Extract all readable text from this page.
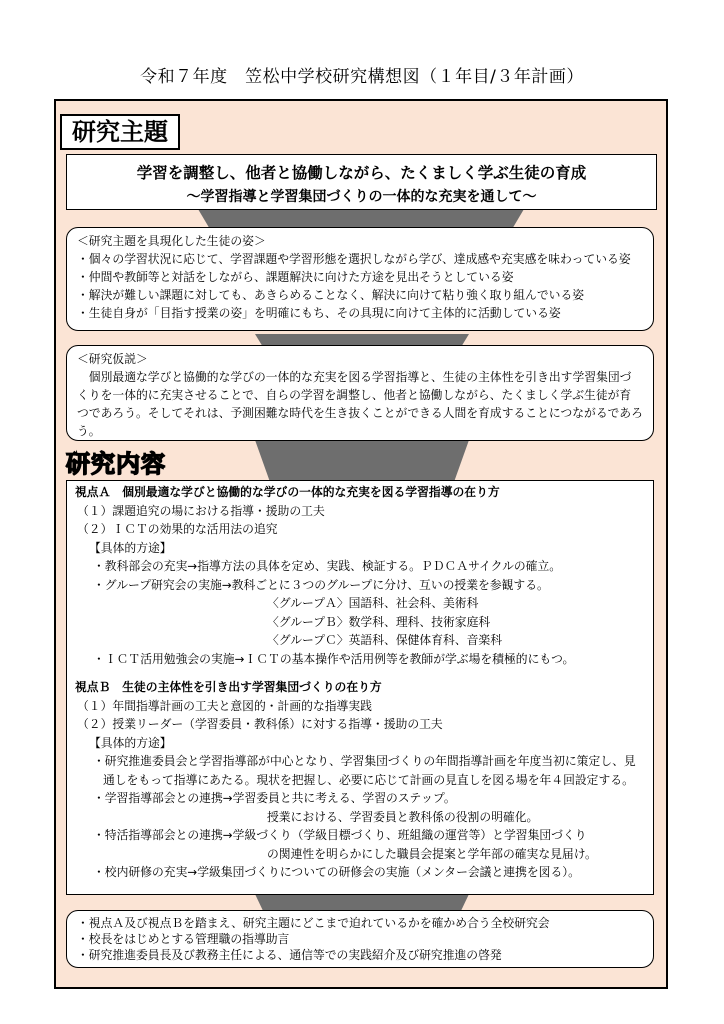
令和７年度　笠松中学校研究構想図（１年目/３年計画）
研究主題
学習を調整し、他者と協働しながら、たくましく学ぶ生徒の育成
～学習指導と学習集団づくりの一体的な充実を通して～
＜研究主題を具現化した生徒の姿＞
・個々の学習状況に応じて、学習課題や学習形態を選択しながら学び、達成感や充実感を味わっている姿
・仲間や教師等と対話をしながら、課題解決に向けた方途を見出そうとしている姿
・解決が難しい課題に対しても、あきらめることなく、解決に向けて粘り強く取り組んでいる姿
・生徒自身が「目指す授業の姿」を明確にもち、その具現に向けて主体的に活動している姿
＜研究仮説＞
個別最適な学びと協働的な学びの一体的な充実を図る学習指導と、生徒の主体性を引き出す学習集団づくりを一体的に充実させることで、自らの学習を調整し、他者と協働しながら、たくましく学ぶ生徒が育つであろう。そしてそれは、予測困難な時代を生き抜くことができる人間を育成することにつながるであろう。
研究内容
視点Ａ　個別最適な学びと協働的な学びの一体的な充実を図る学習指導の在り方
（１）課題追究の場における指導・援助の工夫
（２）ＩＣＴの効果的な活用法の追究
【具体的方途】
・教科部会の充実→指導方法の具体を定め、実践、検証する。ＰＤＣＡサイクルの確立。
・グループ研究会の実施→教科ごとに３つのグループに分け、互いの授業を参観する。
〈グループＡ〉国語科、社会科、美術科
〈グループＢ〉数学科、理科、技術家庭科
〈グループＣ〉英語科、保健体育科、音楽科
・ＩＣＴ活用勉強会の実施→ＩＣＴの基本操作や活用例等を教師が学ぶ場を積極的にもつ。
視点Ｂ　生徒の主体性を引き出す学習集団づくりの在り方
（１）年間指導計画の工夫と意図的・計画的な指導実践
（２）授業リーダー（学習委員・教科係）に対する指導・援助の工夫
【具体的方途】
・研究推進委員会と学習指導部が中心となり、学習集団づくりの年間指導計画を年度当初に策定し、見通しをもって指導にあたる。現状を把握し、必要に応じて計画の見直しを図る場を年４回設定する。
・学習指導部会との連携→学習委員と共に考える、学習のステップ。
授業における、学習委員と教科係の役割の明確化。
・特活指導部会との連携→学級づくり（学級目標づくり、班組織の運営等）と学習集団づくり
の関連性を明らかにした職員会提案と学年部の確実な見届け。
・校内研修の充実→学級集団づくりについての研修会の実施（メンター会議と連携を図る）。
・視点Ａ及び視点Ｂを踏まえ、研究主題にどこまで迫れているかを確かめ合う全校研究会
・校長をはじめとする管理職の指導助言
・研究推進委員長及び教務主任による、通信等での実践紹介及び研究推進の啓発
